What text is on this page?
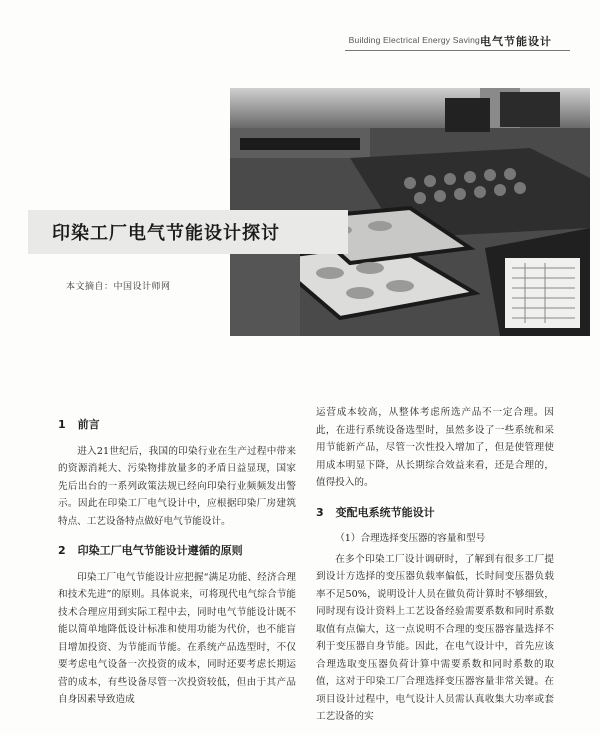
Building Electrical Energy Saving 电气节能设计
印染工厂电气节能设计探讨
本文摘自：中国设计师网
1 前言

进入21世纪后，我国的印染行业在生产过程中带来的资源消耗大、污染物排放量多的矛盾日益显现，国家先后出台的一系列政策法规已经向印染行业频频发出警示。因此在印染工厂电气设计中，应根据印染厂房建筑特点、工艺设备特点做好电气节能设计。

2 印染工厂电气节能设计遵循的原则

印染工厂电气节能设计应把握“满足功能、经济合理和技术先进”的原则。具体说来，可将现代电气综合节能技术合理应用到实际工程中去，同时电气节能设计既不能以简单地降低设计标准和使用功能为代价，也不能盲目增加投资、为节能而节能。在系统产品选型时，不仅要考虑电气设备一次投资的成本，同时还要考虑长期运营的成本，有些设备尽管一次投资较低，但由于其产品自身因素导致造成

运营成本较高，从整体考虑所选产品不一定合理。因此，在进行系统设备选型时，虽然多设了一些系统和采用节能新产品，尽管一次性投入增加了，但是使管理使用成本明显下降，从长期综合效益来看，还是合理的，值得投入的。

3 变配电系统节能设计
（1）合理选择变压器的容量和型号

在多个印染工厂设计调研时，了解到有很多工厂提到设计方选择的变压器负载率偏低，长时间变压器负载率不足50%，说明设计人员在做负荷计算时不够细致，同时现有设计资料上工艺设备经验需要系数和同时系数取值有点偏大，这一点说明不合理的变压器容量选择不利于变压器自身节能。因此，在电气设计中，首先应该合理选取变压器负荷计算中需要系数和同时系数的取值，这对于印染工厂合理选择变压器容量非常关键。在项目设计过程中，电气设计人员需认真收集大功率或套工艺设备的实
